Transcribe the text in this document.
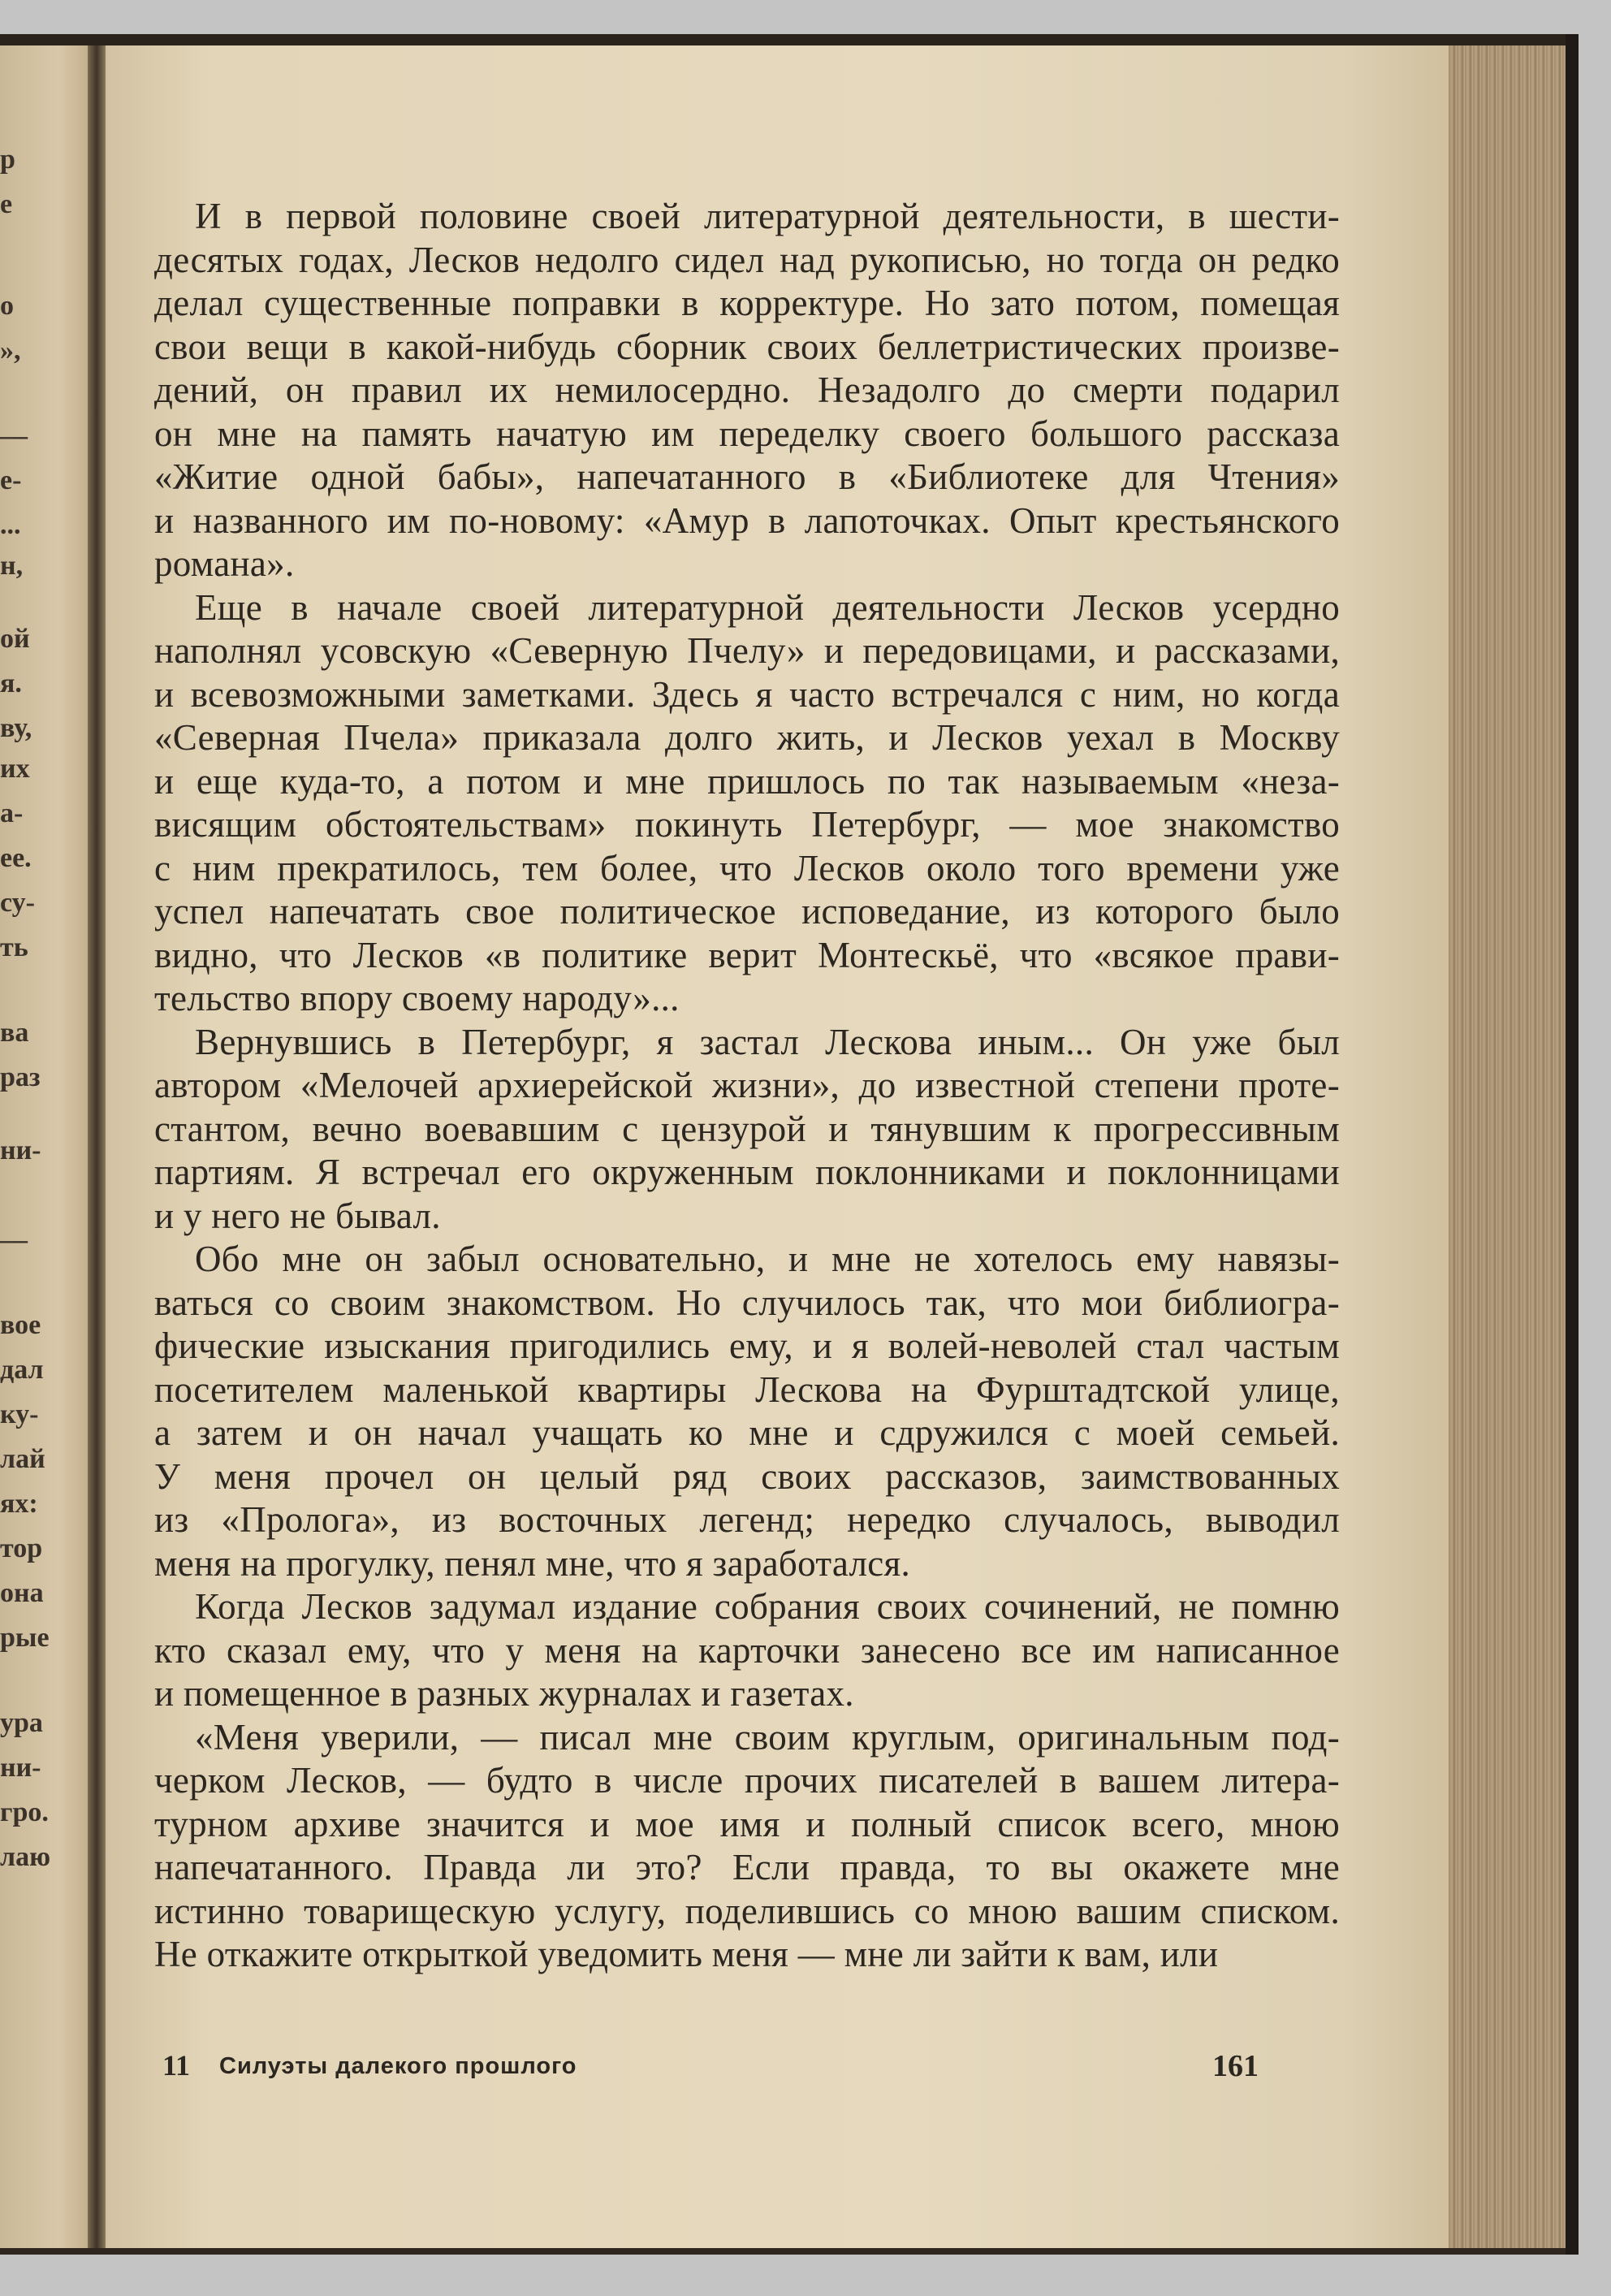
р
е
о
»,
—
е-
...
н,
ой
я.
ву,
их
а-
ее.
су-
ть
ва
раз
ни-
—
вое
дал
ку-
лай
ях:
тор
она
рые
ура
ни-
гро.
лаю
И в первой половине своей литературной деятельности, в шести-
десятых годах, Лесков недолго сидел над рукописью, но тогда он редко
делал существенные поправки в корректуре. Но зато потом, помещая
свои вещи в какой-нибудь сборник своих беллетристических произве-
дений, он правил их немилосердно. Незадолго до смерти подарил
он мне на память начатую им переделку своего большого рассказа
«Житие одной бабы», напечатанного в «Библиотеке для Чтения»
и названного им по-новому: «Амур в лапоточках. Опыт крестьянского
романа».
Еще в начале своей литературной деятельности Лесков усердно
наполнял усовскую «Северную Пчелу» и передовицами, и рассказами,
и всевозможными заметками. Здесь я часто встречался с ним, но когда
«Северная Пчела» приказала долго жить, и Лесков уехал в Москву
и еще куда-то, а потом и мне пришлось по так называемым «неза-
висящим обстоятельствам» покинуть Петербург, — мое знакомство
с ним прекратилось, тем более, что Лесков около того времени уже
успел напечатать свое политическое исповедание, из которого было
видно, что Лесков «в политике верит Монтескьё, что «всякое прави-
тельство впору своему народу»...
Вернувшись в Петербург, я застал Лескова иным... Он уже был
автором «Мелочей архиерейской жизни», до известной степени проте-
стантом, вечно воевавшим с цензурой и тянувшим к прогрессивным
партиям. Я встречал его окруженным поклонниками и поклонницами
и у него не бывал.
Обо мне он забыл основательно, и мне не хотелось ему навязы-
ваться со своим знакомством. Но случилось так, что мои библиогра-
фические изыскания пригодились ему, и я волей-неволей стал частым
посетителем маленькой квартиры Лескова на Фурштадтской улице,
а затем и он начал учащать ко мне и сдружился с моей семьей.
У меня прочел он целый ряд своих рассказов, заимствованных
из «Пролога», из восточных легенд; нередко случалось, выводил
меня на прогулку, пенял мне, что я заработался.
Когда Лесков задумал издание собрания своих сочинений, не помню
кто сказал ему, что у меня на карточки занесено все им написанное
и помещенное в разных журналах и газетах.
«Меня уверили, — писал мне своим круглым, оригинальным под-
черком Лесков, — будто в числе прочих писателей в вашем литера-
турном архиве значится и мое имя и полный список всего, мною
напечатанного. Правда ли это? Если правда, то вы окажете мне
истинно товарищескую услугу, поделившись со мною вашим списком.
Не откажите открыткой уведомить меня — мне ли зайти к вам, или
11 Силуэты далекого прошлого	161
